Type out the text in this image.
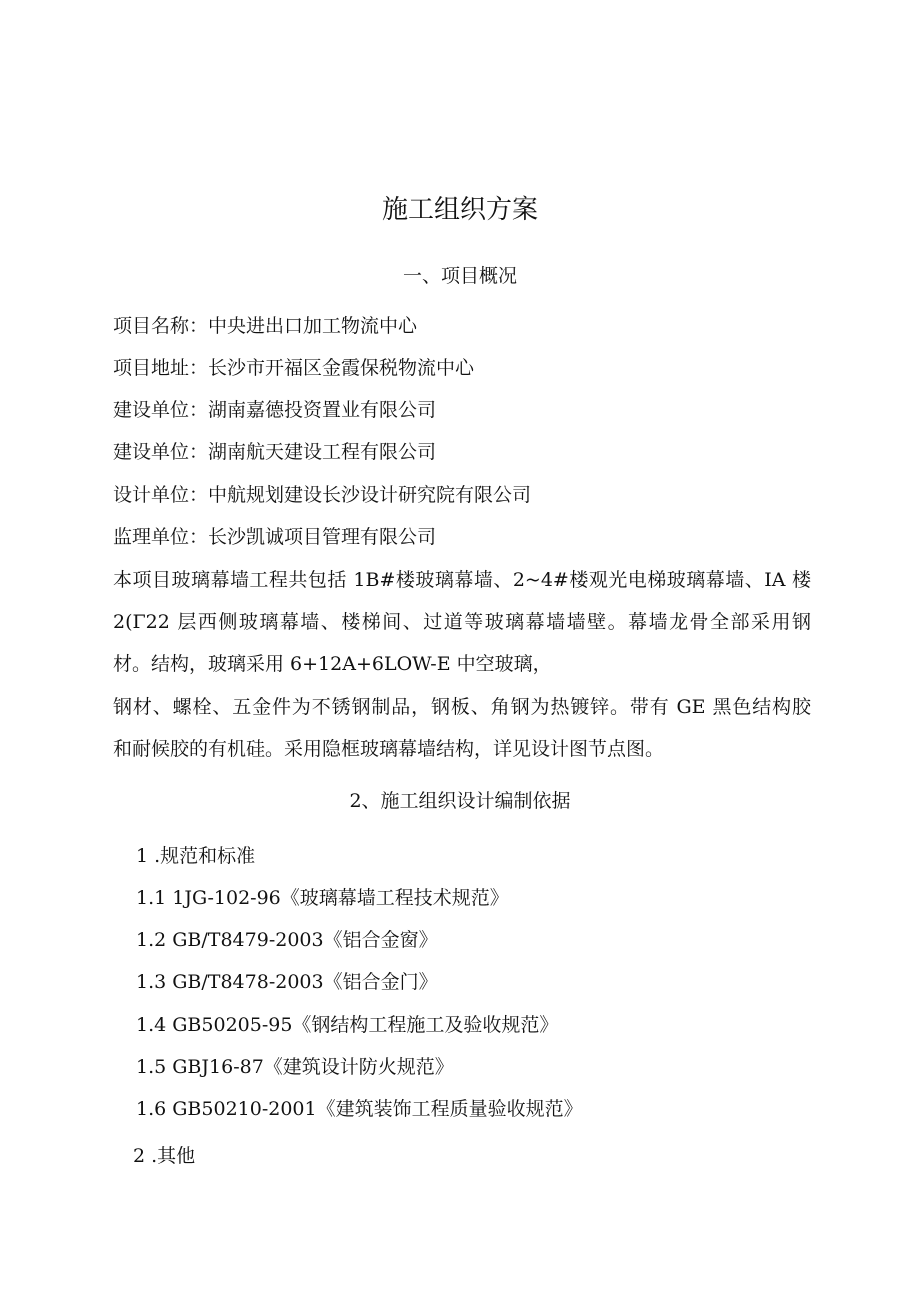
施工组织方案
一、项目概况
项目名称：中央进出口加工物流中心
项目地址：长沙市开福区金霞保税物流中心
建设单位：湖南嘉德投资置业有限公司
建设单位：湖南航天建设工程有限公司
设计单位：中航规划建设长沙设计研究院有限公司
监理单位：长沙凯诚项目管理有限公司
本项目玻璃幕墙工程共包括 1B#楼玻璃幕墙、2~4#楼观光电梯玻璃幕墙、IA 楼
2(Γ22 层西侧玻璃幕墙、楼梯间、过道等玻璃幕墙墙壁。幕墙龙骨全部采用钢
材。结构，玻璃采用 6+12A+6LOW-E 中空玻璃，
钢材、螺栓、五金件为不锈钢制品，钢板、角钢为热镀锌。带有 GE 黑色结构胶
和耐候胶的有机硅。采用隐框玻璃幕墙结构，详见设计图节点图。
2、施工组织设计编制依据
1 .规范和标准
1.1 1JG-102-96《玻璃幕墙工程技术规范》
1.2 GB/T8479-2003《铝合金窗》
1.3 GB/T8478-2003《铝合金门》
1.4 GB50205-95《钢结构工程施工及验收规范》
1.5 GBJ16-87《建筑设计防火规范》
1.6 GB50210-2001《建筑装饰工程质量验收规范》
2 .其他
